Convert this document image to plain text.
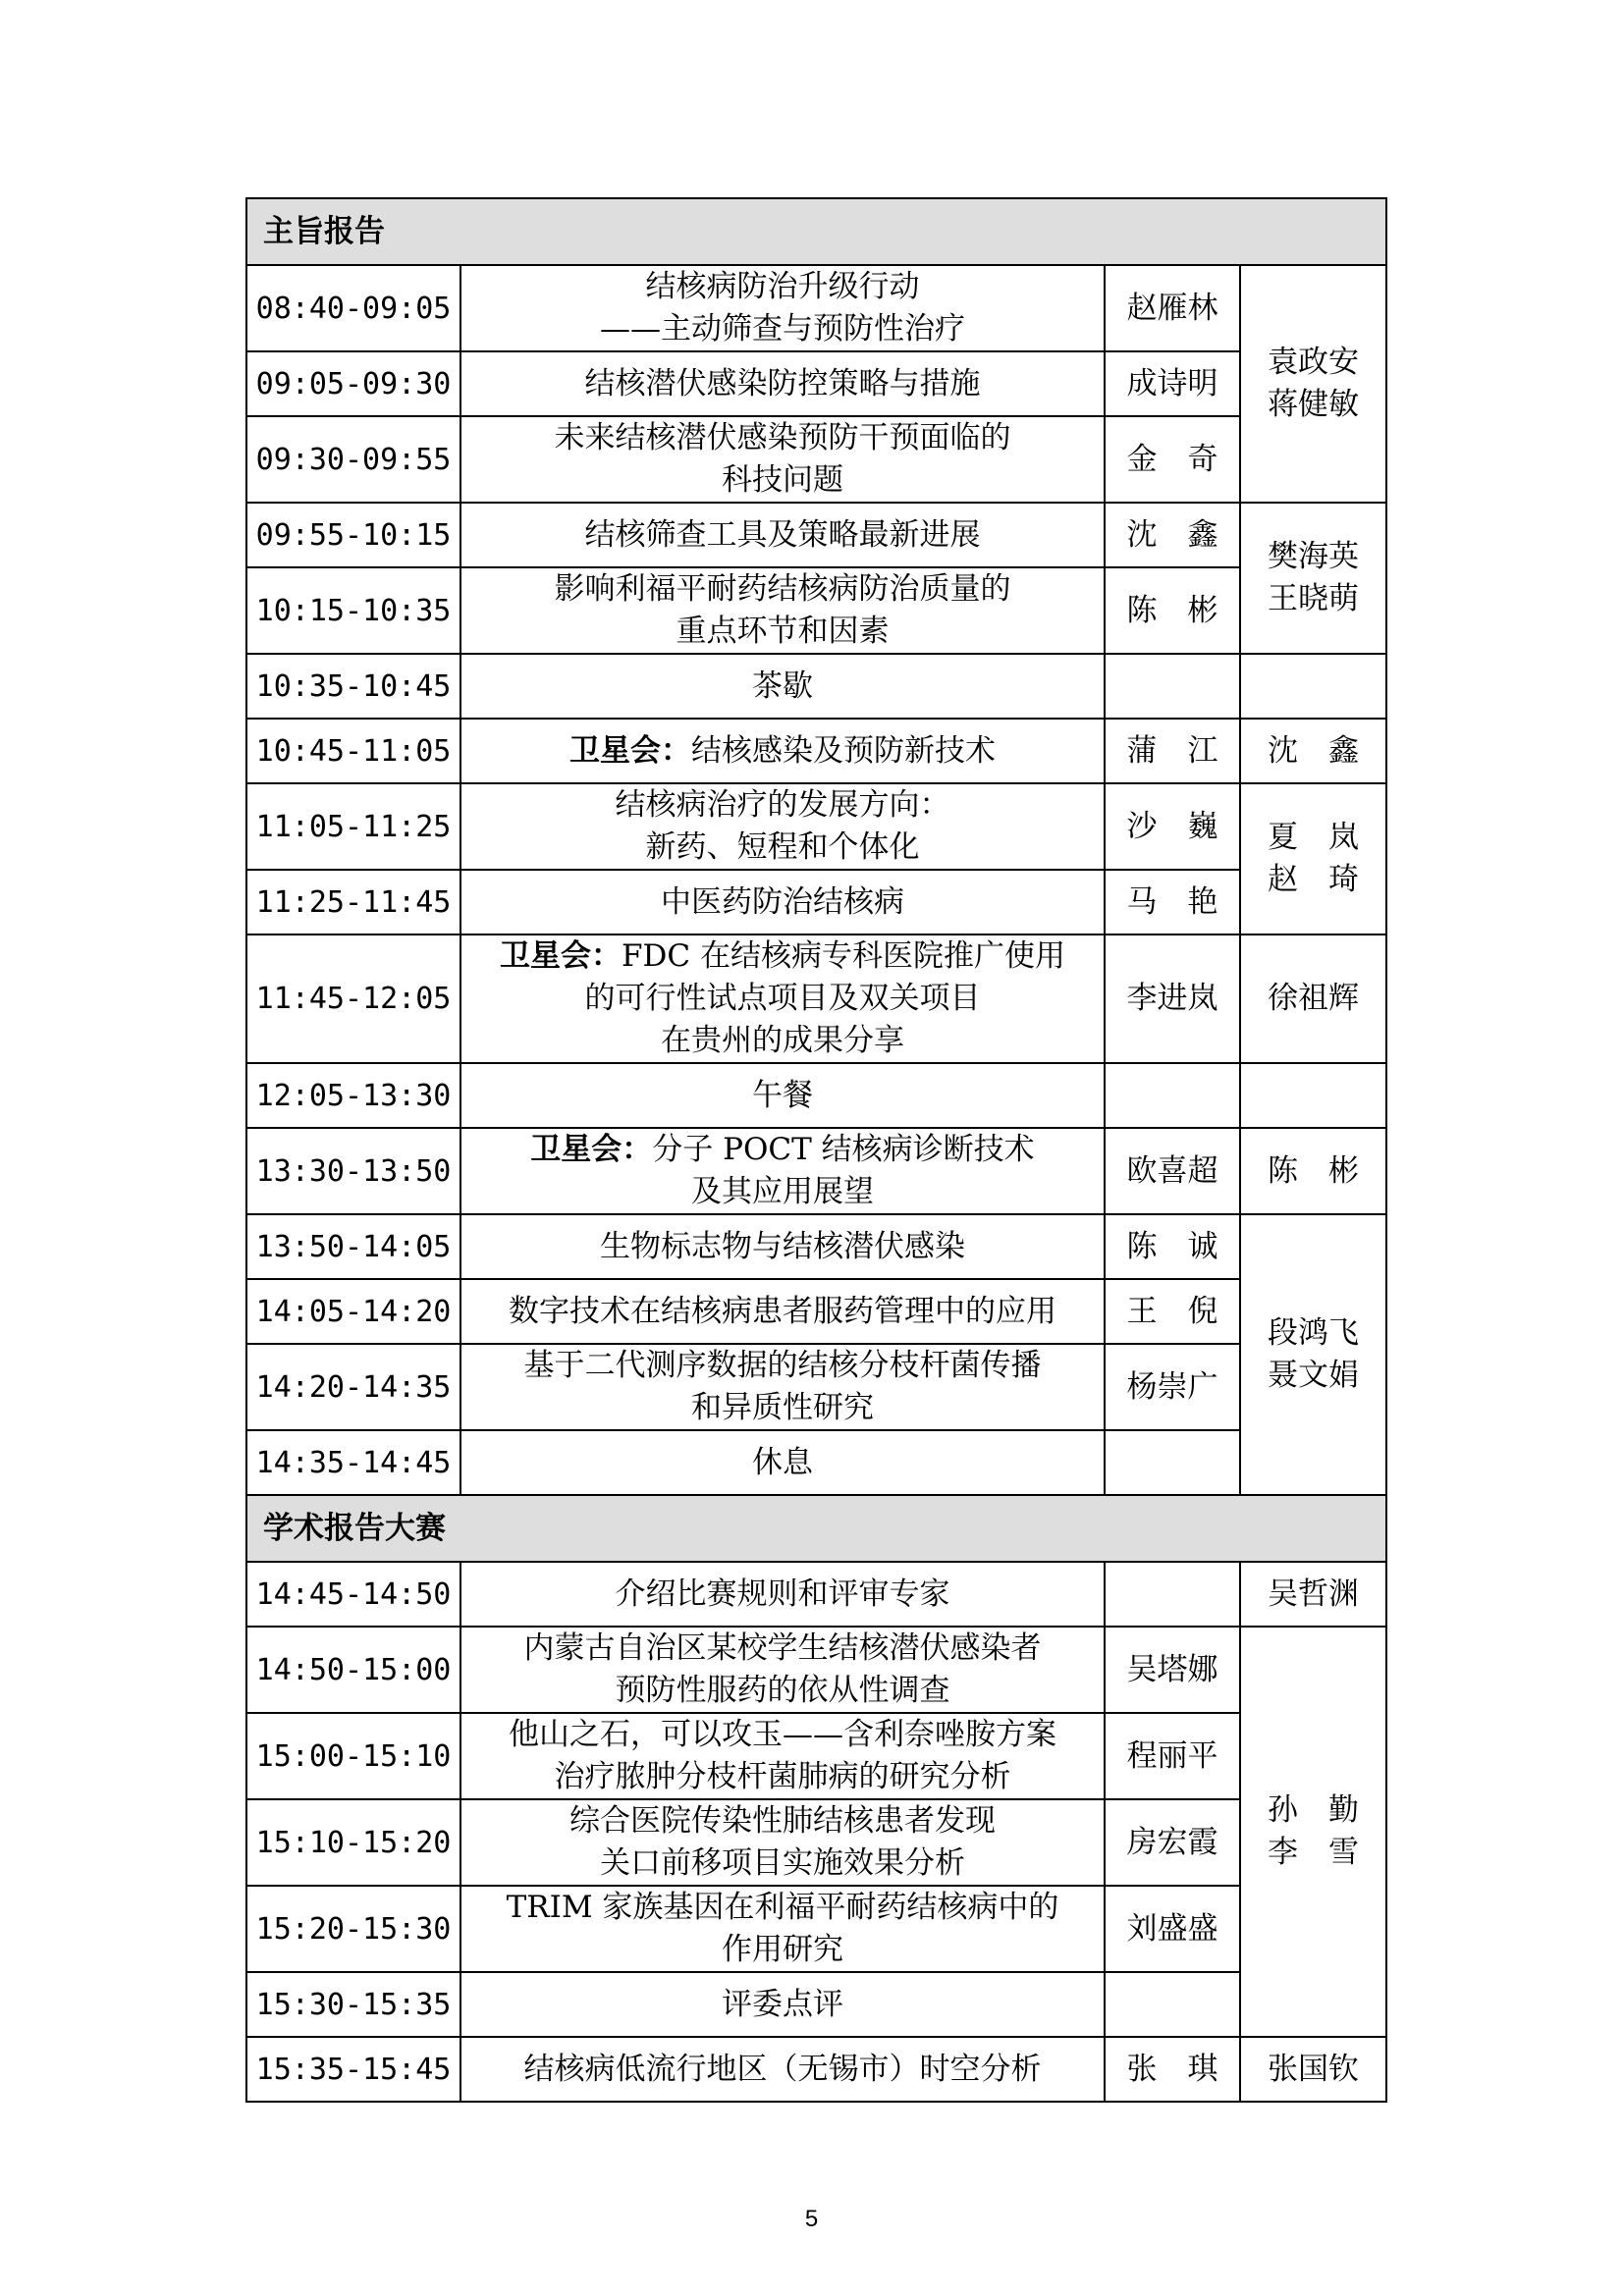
主旨报告			
08:40-09:05	结核病防治升级行动
——主动筛查与预防性治疗	赵雁林	袁政安
蒋健敏

09:05-09:30	结核潜伏感染防控策略与措施	成诗明	
09:30-09:55	未来结核潜伏感染预防干预面临的
科技问题	金　奇	
09:55-10:15	结核筛查工具及策略最新进展	沈　鑫	樊海英
王晓萌

10:15-10:35	影响利福平耐药结核病防治质量的
重点环节和因素	陈　彬	
10:35-10:45	茶歇		

10:45-11:05	卫星会：结核感染及预防新技术	蒲　江	沈　鑫

11:05-11:25	结核病治疗的发展方向：
新药、短程和个体化	沙　巍	夏　岚
赵　琦

11:25-11:45	中医药防治结核病	马　艳	
11:45-12:05	卫星会：FDC 在结核病专科医院推广使用
的可行性试点项目及双关项目
在贵州的成果分享	李进岚	徐祖辉

12:05-13:30	午餐		

13:30-13:50	卫星会：分子 POCT 结核病诊断技术
及其应用展望	欧喜超	陈　彬

13:50-14:05	生物标志物与结核潜伏感染	陈　诚	段鸿飞
聂文娟

14:05-14:20	数字技术在结核病患者服药管理中的应用	王　倪	
14:20-14:35	基于二代测序数据的结核分枝杆菌传播
和异质性研究	杨崇广	
14:35-14:45	休息		

学术报告大赛			
14:45-14:50	介绍比赛规则和评审专家		吴哲渊

14:50-15:00	内蒙古自治区某校学生结核潜伏感染者
预防性服药的依从性调查	吴塔娜	孙　勤
李　雪

15:00-15:10	他山之石，可以攻玉——含利奈唑胺方案
治疗脓肿分枝杆菌肺病的研究分析	程丽平	
15:10-15:20	综合医院传染性肺结核患者发现
关口前移项目实施效果分析	房宏霞	
15:20-15:30	TRIM 家族基因在利福平耐药结核病中的
作用研究	刘盛盛	
15:30-15:35	评委点评		

15:35-15:45	结核病低流行地区（无锡市）时空分析	张　琪	张国钦
5
